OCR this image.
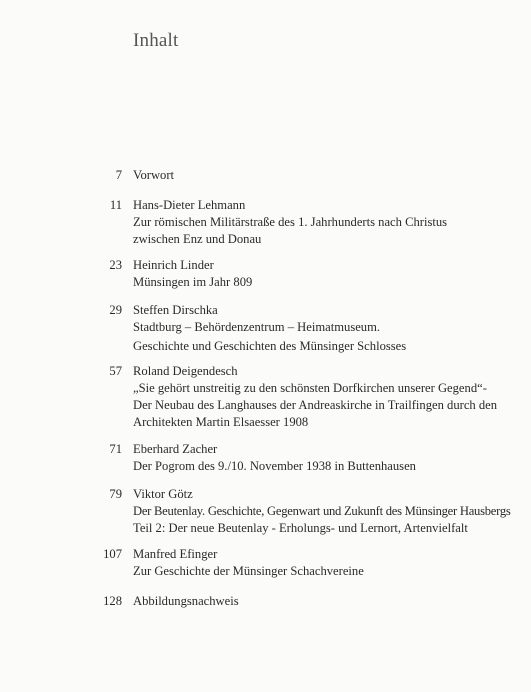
Inhalt
7 Vorwort
11 Hans-Dieter Lehmann
Zur römischen Militärstraße des 1. Jahrhunderts nach Christus
zwischen Enz und Donau
23 Heinrich Linder
Münsingen im Jahr 809
29 Steffen Dirschka
Stadtburg – Behördenzentrum – Heimatmuseum.
Geschichte und Geschichten des Münsinger Schlosses
57 Roland Deigendesch
„Sie gehört unstreitig zu den schönsten Dorfkirchen unserer Gegend“-
Der Neubau des Langhauses der Andreaskirche in Trailfingen durch den
Architekten Martin Elsaesser 1908
71 Eberhard Zacher
Der Pogrom des 9./10. November 1938 in Buttenhausen
79 Viktor Götz
Der Beutenlay. Geschichte, Gegenwart und Zukunft des Münsinger Hausbergs
Teil 2: Der neue Beutenlay - Erholungs- und Lernort, Artenvielfalt
107 Manfred Efinger
Zur Geschichte der Münsinger Schachvereine
128 Abbildungsnachweis
